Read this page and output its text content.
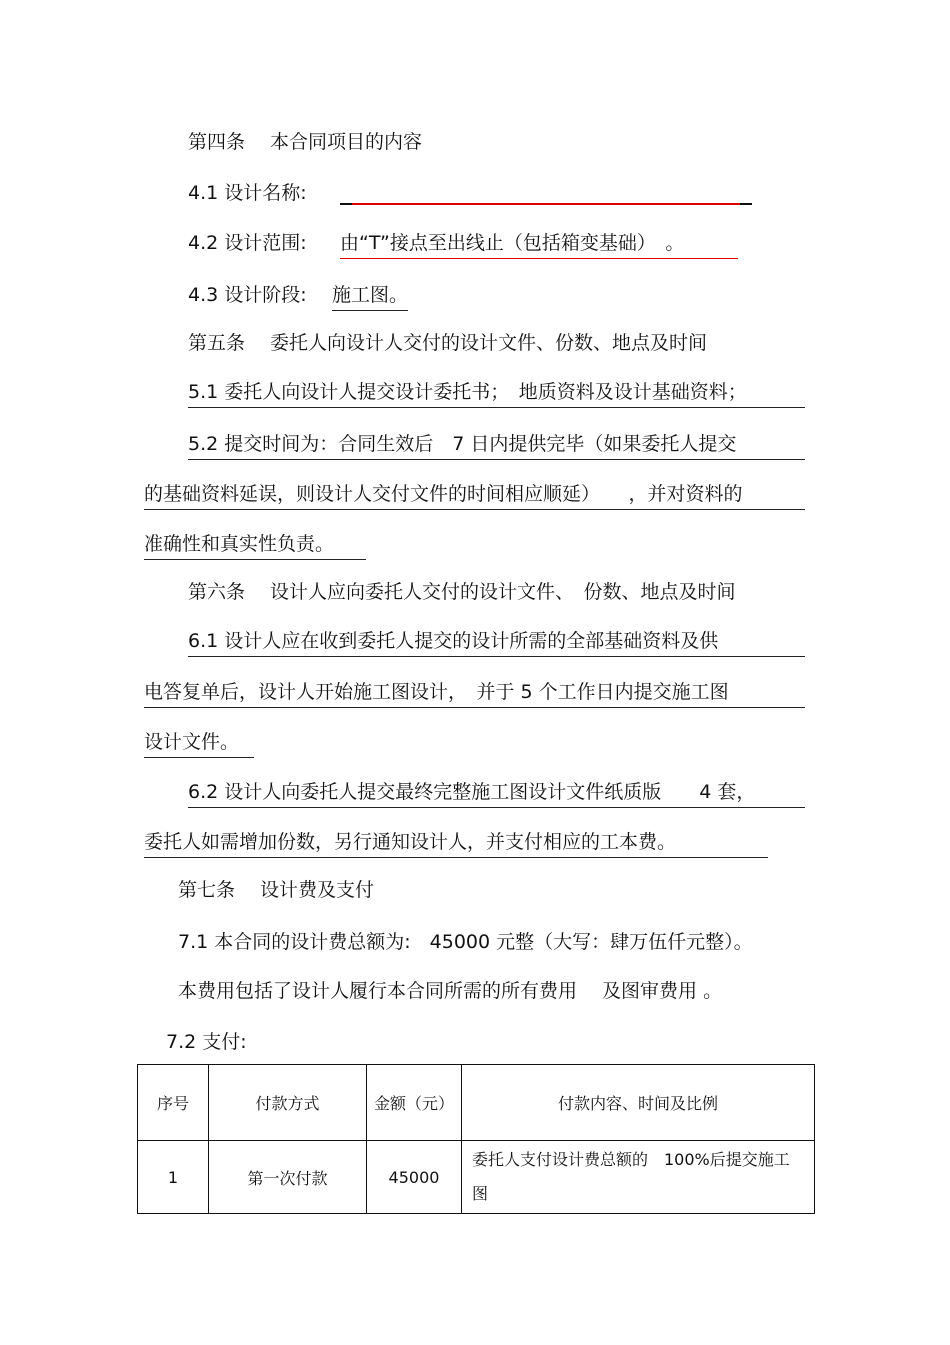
第四条　 本合同项目的内容
4.1 设计名称:
4.2 设计范围: 由“T”接点至出线止（包括箱变基础）　。
4.3 设计阶段: 施工图。
第五条　 委托人向设计人交付的设计文件、份数、地点及时间
5.1 委托人向设计人提交设计委托书；　地质资料及设计基础资料；
5.2 提交时间为：合同生效后　7 日内提供完毕（如果委托人提交
的基础资料延误，则设计人交付文件的时间相应顺延）　　，并对资料的
准确性和真实性负责。
第六条　 设计人应向委托人交付的设计文件、　份数、地点及时间
6.1 设计人应在收到委托人提交的设计所需的全部基础资料及供
电答复单后，设计人开始施工图设计，　并于 5 个工作日内提交施工图
设计文件。
6.2 设计人向委托人提交最终完整施工图设计文件纸质版　　4 套，
委托人如需增加份数，另行通知设计人，并支付相应的工本费。
第七条　 设计费及支付
7.1 本合同的设计费总额为:　45000 元整（大写：肆万伍仟元整）。
本费用包括了设计人履行本合同所需的所有费用　 及图审费用 。
7.2 支付:
序号	付款方式	金额（元）	付款内容、时间及比例
1	第一次付款	45000	委托人支付设计费总额的　100%后提交施工图
